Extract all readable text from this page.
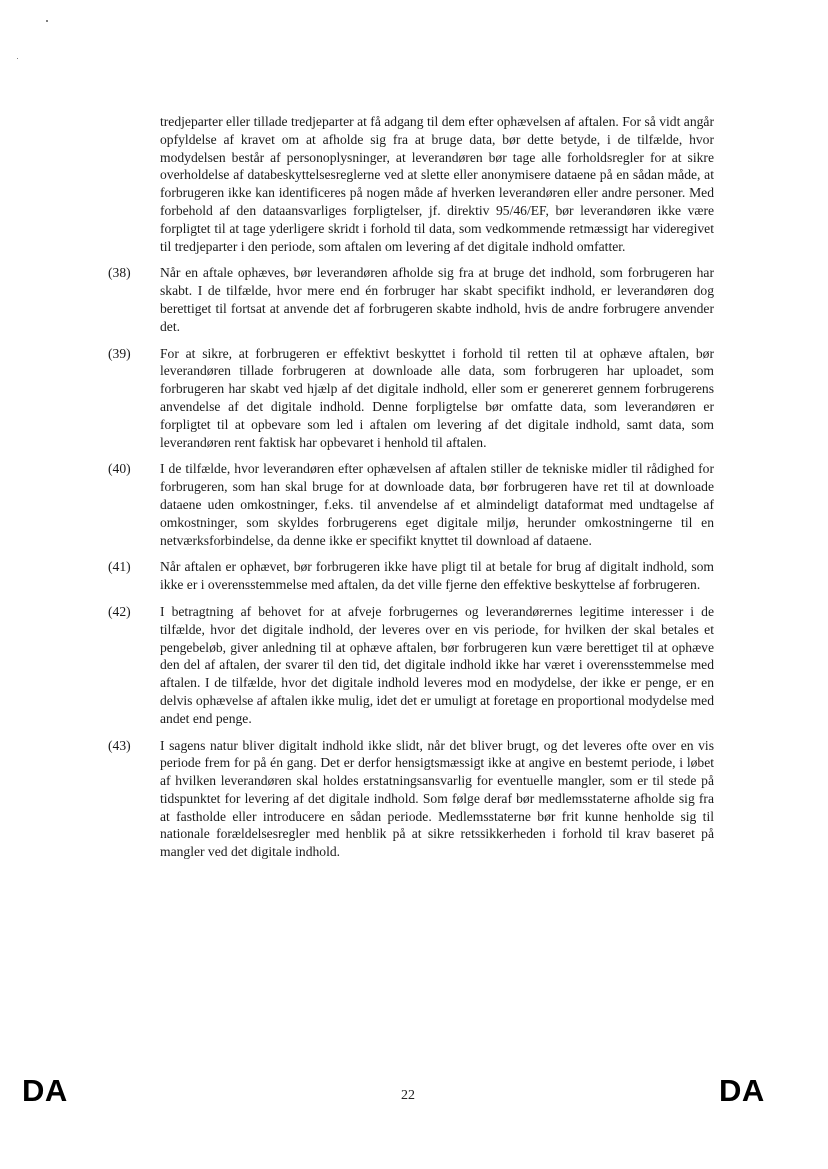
tredjeparter eller tillade tredjeparter at få adgang til dem efter ophævelsen af aftalen. For så vidt angår opfyldelse af kravet om at afholde sig fra at bruge data, bør dette betyde, i de tilfælde, hvor modydelsen består af personoplysninger, at leverandøren bør tage alle forholdsregler for at sikre overholdelse af databeskyttelsesreglerne ved at slette eller anonymisere dataene på en sådan måde, at forbrugeren ikke kan identificeres på nogen måde af hverken leverandøren eller andre personer. Med forbehold af den dataansvarliges forpligtelser, jf. direktiv 95/46/EF, bør leverandøren ikke være forpligtet til at tage yderligere skridt i forhold til data, som vedkommende retmæssigt har videregivet til tredjeparter i den periode, som aftalen om levering af det digitale indhold omfatter.
(38)	Når en aftale ophæves, bør leverandøren afholde sig fra at bruge det indhold, som forbrugeren har skabt. I de tilfælde, hvor mere end én forbruger har skabt specifikt indhold, er leverandøren dog berettiget til fortsat at anvende det af forbrugeren skabte indhold, hvis de andre forbrugere anvender det.
(39)	For at sikre, at forbrugeren er effektivt beskyttet i forhold til retten til at ophæve aftalen, bør leverandøren tillade forbrugeren at downloade alle data, som forbrugeren har uploadet, som forbrugeren har skabt ved hjælp af det digitale indhold, eller som er genereret gennem forbrugerens anvendelse af det digitale indhold. Denne forpligtelse bør omfatte data, som leverandøren er forpligtet til at opbevare som led i aftalen om levering af det digitale indhold, samt data, som leverandøren rent faktisk har opbevaret i henhold til aftalen.
(40)	I de tilfælde, hvor leverandøren efter ophævelsen af aftalen stiller de tekniske midler til rådighed for forbrugeren, som han skal bruge for at downloade data, bør forbrugeren have ret til at downloade dataene uden omkostninger, f.eks. til anvendelse af et almindeligt dataformat med undtagelse af omkostninger, som skyldes forbrugerens eget digitale miljø, herunder omkostningerne til en netværksforbindelse, da denne ikke er specifikt knyttet til download af dataene.
(41)	Når aftalen er ophævet, bør forbrugeren ikke have pligt til at betale for brug af digitalt indhold, som ikke er i overensstemmelse med aftalen, da det ville fjerne den effektive beskyttelse af forbrugeren.
(42)	I betragtning af behovet for at afveje forbrugernes og leverandørernes legitime interesser i de tilfælde, hvor det digitale indhold, der leveres over en vis periode, for hvilken der skal betales et pengebeløb, giver anledning til at ophæve aftalen, bør forbrugeren kun være berettiget til at ophæve den del af aftalen, der svarer til den tid, det digitale indhold ikke har været i overensstemmelse med aftalen. I de tilfælde, hvor det digitale indhold leveres mod en modydelse, der ikke er penge, er en delvis ophævelse af aftalen ikke mulig, idet det er umuligt at foretage en proportional modydelse med andet end penge.
(43)	I sagens natur bliver digitalt indhold ikke slidt, når det bliver brugt, og det leveres ofte over en vis periode frem for på én gang. Det er derfor hensigtsmæssigt ikke at angive en bestemt periode, i løbet af hvilken leverandøren skal holdes erstatningsansvarlig for eventuelle mangler, som er til stede på tidspunktet for levering af det digitale indhold. Som følge deraf bør medlemsstaterne afholde sig fra at fastholde eller introducere en sådan periode. Medlemsstaterne bør frit kunne henholde sig til nationale forældelsesregler med henblik på at sikre retssikkerheden i forhold til krav baseret på mangler ved det digitale indhold.
DA	22	DA
